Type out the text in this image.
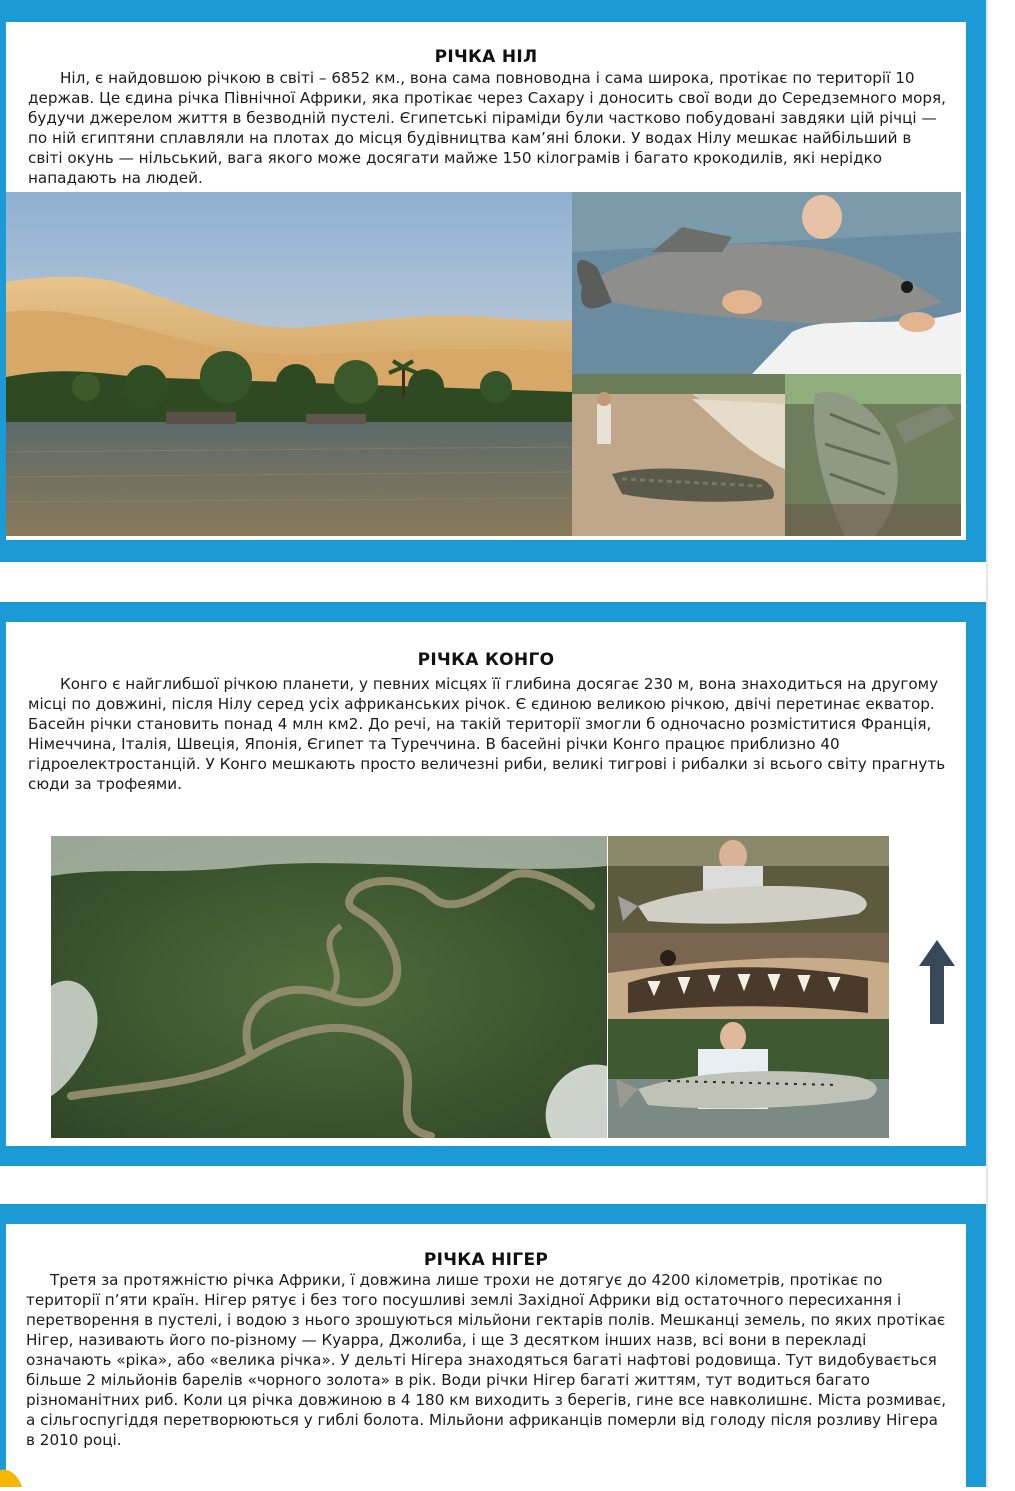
РІЧКА НІЛ

Ніл, є найдовшою річкою в світі – 6852 км., вона сама повноводна і сама широка, протікає по території 10 держав. Це єдина річка Північної Африки, яка протікає через Сахару і доносить свої води до Середземного моря, будучи джерелом життя в безводній пустелі. Єгипетські піраміди були частково побудовані завдяки цій річці — по ній єгиптяни сплавляли на плотах до місця будівництва кам’яні блоки. У водах Нілу мешкає найбільший в світі окунь — нільський, вага якого може досягати майже 150 кілограмів і багато крокодилів, які нерідко нападають на людей.

РІЧКА КОНГО

Конго є найглибшої річкою планети, у певних місцях її глибина досягає 230 м, вона знаходиться на другому місці по довжині, після Нілу серед усіх африканських річок. Є єдиною великою річкою, двічі перетинає екватор.

Басейн річки становить понад 4 млн км2. До речі, на такій території змогли б одночасно розміститися Франція, Німеччина, Італія, Швеція, Японія, Єгипет та Туреччина. В басейні річки Конго працює приблизно 40 гідроелектростанцій. У Конго мешкають просто величезні риби, великі тигрові і рибалки зі всього світу прагнуть сюди за трофеями.

РІЧКА НІГЕР

Третя за протяжністю річка Африки, ї довжина лише трохи не дотягує до 4200 кілометрів, протікає по території п’яти країн. Нігер рятує і без того посушливі землі Західної Африки від остаточного пересихання і перетворення в пустелі, і водою з нього зрошуються мільйони гектарів полів. Мешканці земель, по яких протікає Нігер, називають його по-різному — Куарра, Джолиба, і ще 3 десятком інших назв, всі вони в перекладі означають «ріка», або «велика річка». У дельті Нігера знаходяться багаті нафтові родовища. Тут видобувається більше 2 мільйонів барелів «чорного золота» в рік. Води річки Нігер багаті життям, тут водиться багато різноманітних риб. Коли ця річка довжиною в 4 180 км виходить з берегів, гине все навколишнє. Міста розмиває, а сільгоспугіддя перетворюються у гиблі болота. Мільйони африканців померли від голоду після розливу Нігера в 2010 році.
